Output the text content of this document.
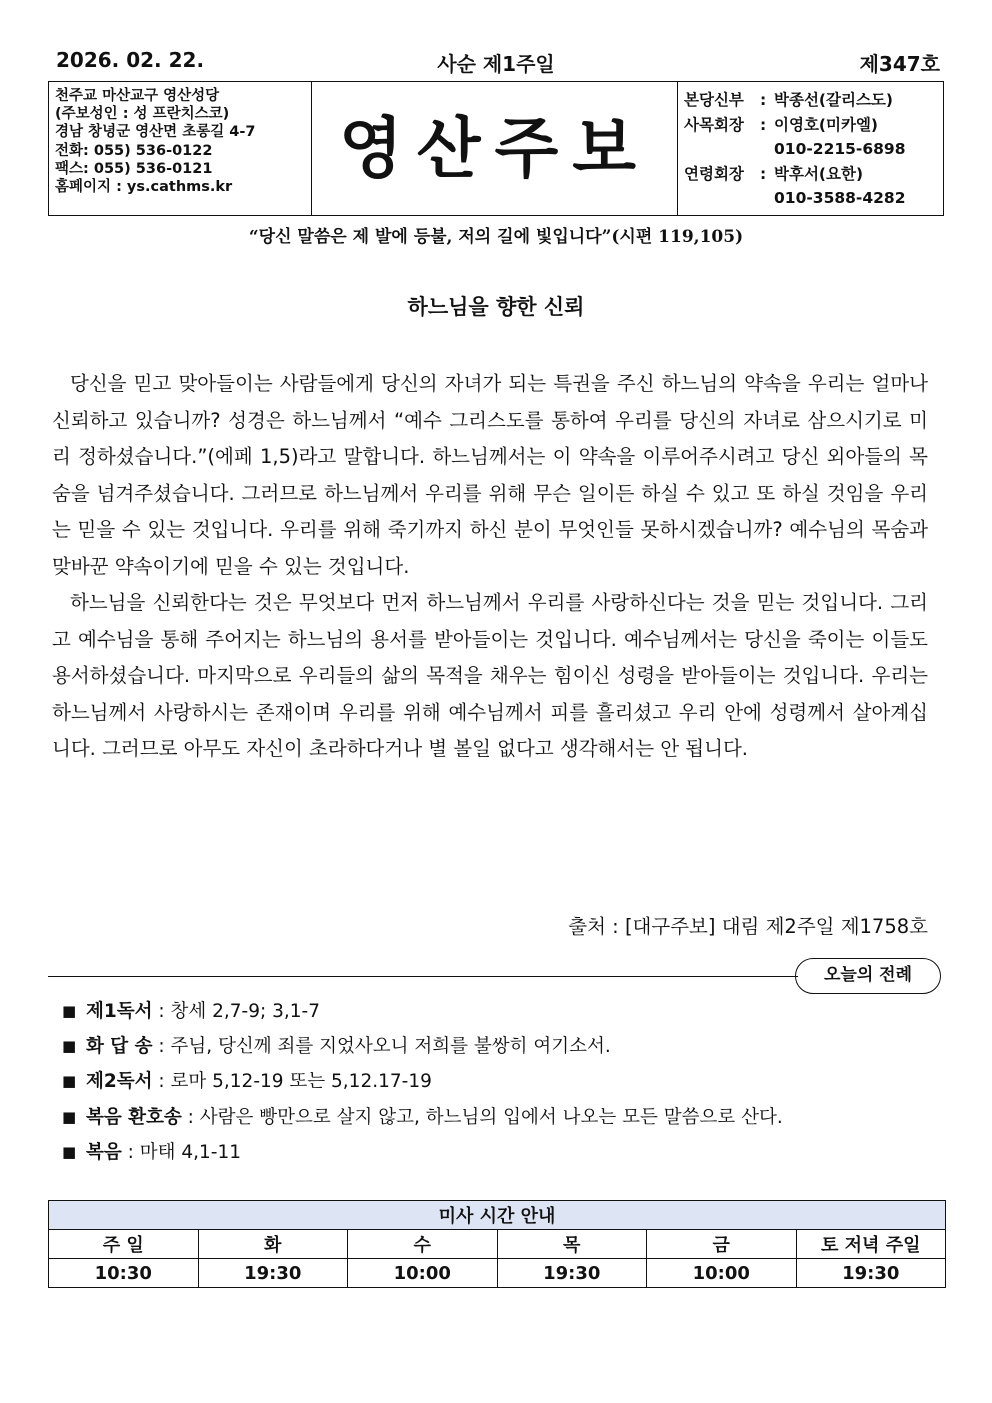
2026. 02. 22.	사순 제1주일	제347호
천주교 마산교구 영산성당
(주보성인 : 성 프란치스코)
경남 창녕군 영산면 초롱길 4-7
전화: 055) 536-0122
팩스: 055) 536-0121
홈페이지 : ys.cathms.kr
영산주보
본당신부	: 박종선(갈리스도)
사목회장	: 이영호(미카엘)
010-2215-6898
연령회장	: 박후서(요한)
010-3588-4282
“당신 말씀은 제 발에 등불, 저의 길에 빛입니다”(시편 119,105)
하느님을 향한 신뢰

당신을 믿고 맞아들이는 사람들에게 당신의 자녀가 되는 특권을 주신 하느님의 약속을 우리는 얼마나 신뢰하고 있습니까? 성경은 하느님께서 “예수 그리스도를 통하여 우리를 당신의 자녀로 삼으시기로 미리 정하셨습니다.”(에페 1,5)라고 말합니다. 하느님께서는 이 약속을 이루어주시려고 당신 외아들의 목숨을 넘겨주셨습니다. 그러므로 하느님께서 우리를 위해 무슨 일이든 하실 수 있고 또 하실 것임을 우리는 믿을 수 있는 것입니다. 우리를 위해 죽기까지 하신 분이 무엇인들 못하시겠습니까? 예수님의 목숨과 맞바꾼 약속이기에 믿을 수 있는 것입니다.

하느님을 신뢰한다는 것은 무엇보다 먼저 하느님께서 우리를 사랑하신다는 것을 믿는 것입니다. 그리고 예수님을 통해 주어지는 하느님의 용서를 받아들이는 것입니다. 예수님께서는 당신을 죽이는 이들도 용서하셨습니다. 마지막으로 우리들의 삶의 목적을 채우는 힘이신 성령을 받아들이는 것입니다. 우리는 하느님께서 사랑하시는 존재이며 우리를 위해 예수님께서 피를 흘리셨고 우리 안에 성령께서 살아계십니다. 그러므로 아무도 자신이 초라하다거나 별 볼일 없다고 생각해서는 안 됩니다.

출처 : [대구주보] 대림 제2주일 제1758호
오늘의 전례
■ 제1독서 : 창세 2,7-9; 3,1-7
■ 화 답 송 : 주님, 당신께 죄를 지었사오니 저희를 불쌍히 여기소서.
■ 제2독서 : 로마 5,12-19 또는 5,12.17-19
■ 복음 환호송 : 사람은 빵만으로 살지 않고, 하느님의 입에서 나오는 모든 말씀으로 산다.
■ 복음 : 마태 4,1-11
미사 시간 안내					
주 일	화	수	목	금	토 저녁 주일
10:30	19:30	10:00	19:30	10:00	19:30
